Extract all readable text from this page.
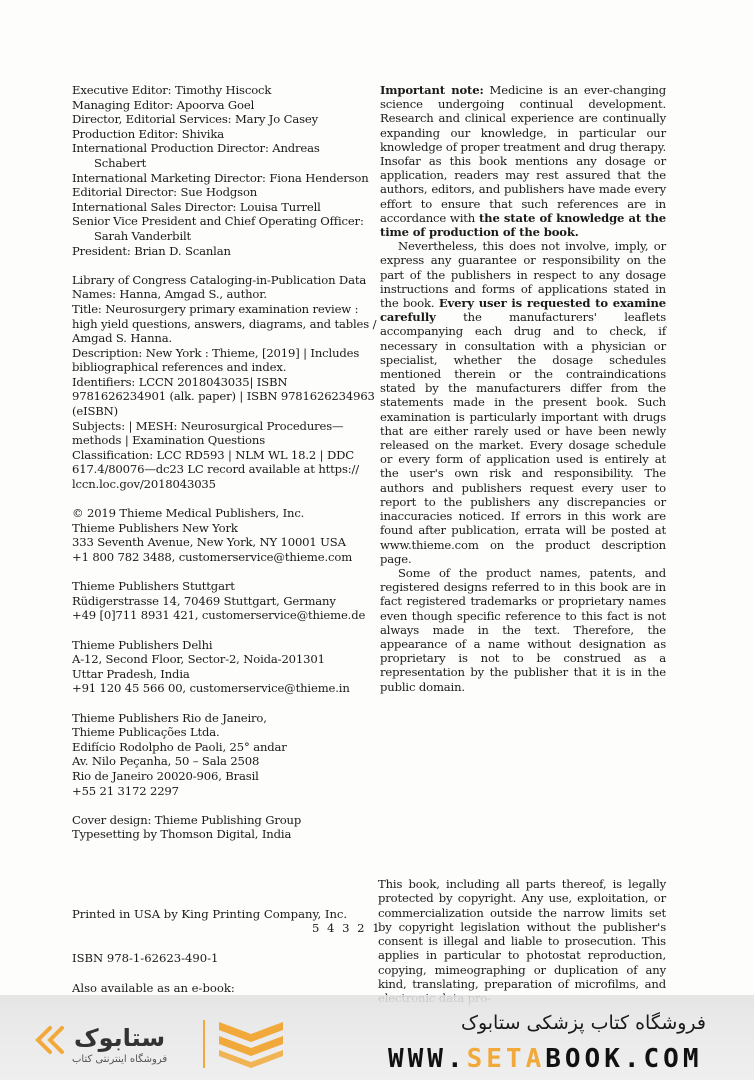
Executive Editor: Timothy Hiscock
Managing Editor: Apoorva Goel
Director, Editorial Services: Mary Jo Casey
Production Editor: Shivika
International Production Director: Andreas
Schabert
International Marketing Director: Fiona Henderson
Editorial Director: Sue Hodgson
International Sales Director: Louisa Turrell
Senior Vice President and Chief Operating Officer:
Sarah Vanderbilt
President: Brian D. Scanlan
Library of Congress Cataloging-in-Publication Data
Names: Hanna, Amgad S., author.
Title: Neurosurgery primary examination review :
high yield questions, answers, diagrams, and tables /
Amgad S. Hanna.
Description: New York : Thieme, [2019] | Includes
bibliographical references and index.
Identifiers: LCCN 2018043035| ISBN
9781626234901 (alk. paper) | ISBN 9781626234963
(eISBN)
Subjects: | MESH: Neurosurgical Procedures—
methods | Examination Questions
Classification: LCC RD593 | NLM WL 18.2 | DDC
617.4/80076—dc23 LC record available at https://
lccn.loc.gov/2018043035
© 2019 Thieme Medical Publishers, Inc.
Thieme Publishers New York
333 Seventh Avenue, New York, NY 10001 USA
+1 800 782 3488, customerservice@thieme.com
Thieme Publishers Stuttgart
Rüdigerstrasse 14, 70469 Stuttgart, Germany
+49 [0]711 8931 421, customerservice@thieme.de
Thieme Publishers Delhi
A-12, Second Floor, Sector-2, Noida-201301
Uttar Pradesh, India
+91 120 45 566 00, customerservice@thieme.in
Thieme Publishers Rio de Janeiro,
Thieme Publicações Ltda.
Edifício Rodolpho de Paoli, 25° andar
Av. Nilo Peçanha, 50 – Sala 2508
Rio de Janeiro 20020-906, Brasil
+55 21 3172 2297
Cover design: Thieme Publishing Group
Typesetting by Thomson Digital, India
Printed in USA by King Printing Company, Inc.
5 4 3 2 1
ISBN 978-1-62623-490-1
Also available as an e-book:
Important note: Medicine is an ever-changing science undergoing continual development. Research and clinical experience are continually expanding our knowledge, in particular our knowledge of proper treatment and drug therapy. Insofar as this book mentions any dosage or application, readers may rest assured that the authors, editors, and publishers have made every effort to ensure that such references are in accordance with the state of knowledge at the time of production of the book.
Nevertheless, this does not involve, imply, or express any guarantee or responsibility on the part of the publishers in respect to any dosage instructions and forms of applications stated in the book. Every user is requested to examine carefully the manufacturers' leaflets accompanying each drug and to check, if necessary in consultation with a physician or specialist, whether the dosage schedules mentioned therein or the contraindications stated by the manufacturers differ from the statements made in the present book. Such examination is particularly important with drugs that are either rarely used or have been newly released on the market. Every dosage schedule or every form of application used is entirely at the user's own risk and responsibility. The authors and publishers request every user to report to the publishers any discrepancies or inaccuracies noticed. If errors in this work are found after publication, errata will be posted at www.thieme.com on the product description page.
Some of the product names, patents, and registered designs referred to in this book are in fact registered trademarks or proprietary names even though specific reference to this fact is not always made in the text. Therefore, the appearance of a name without designation as proprietary is not to be construed as a representation by the publisher that it is in the public domain.
This book, including all parts thereof, is legally protected by copyright. Any use, exploitation, or commercialization outside the narrow limits set by copyright legislation without the publisher's consent is illegal and liable to prosecution. This applies in particular to photostat reproduction, copying, mimeographing or duplication of any kind, translating, preparation of microfilms, and
ستابوک
فروشگاه اینترنتی کتاب
فروشگاه کتاب پزشکی ستابوک
WWW.SETABOOK.COM
